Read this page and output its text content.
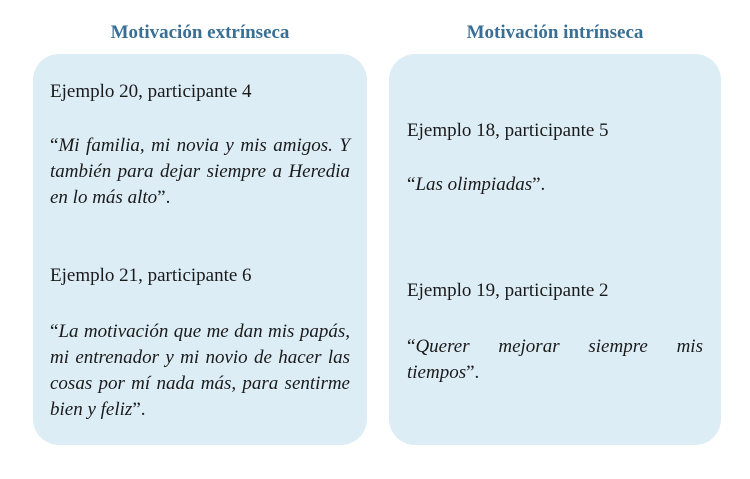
Motivación extrínseca	Motivación intrínseca
Ejemplo 20, participante 4
“Mi familia, mi novia y mis amigos. Y también para dejar siempre a Heredia en lo más alto”.
Ejemplo 21, participante 6
“La motivación que me dan mis papás, mi entrenador y mi novio de hacer las cosas por mí nada más, para sentirme bien y feliz”.
Ejemplo 18, participante 5
“Las olimpiadas”.
Ejemplo 19, participante 2
“Querer mejorar siempre mis tiempos”.
